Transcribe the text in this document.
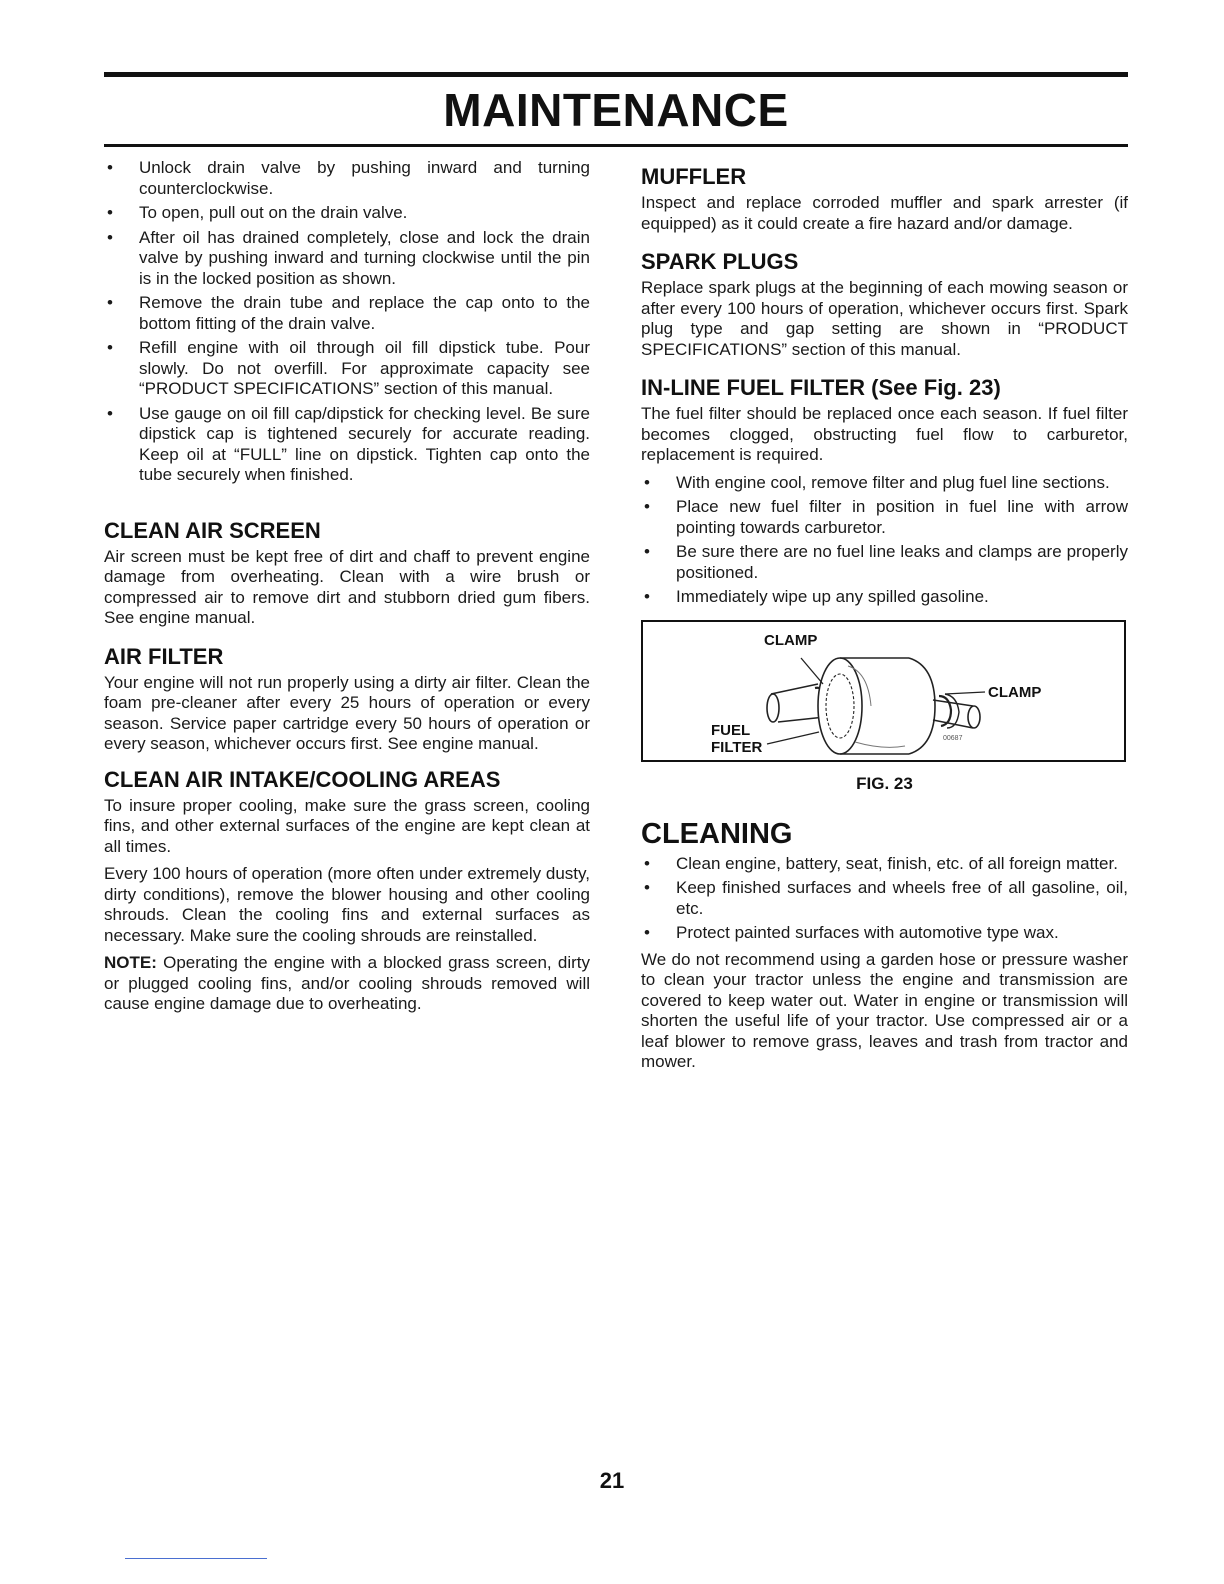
MAINTENANCE
• Unlock drain valve by pushing inward and turning counterclockwise.
• To open, pull out on the drain valve.
• After oil has drained completely, close and lock the drain valve by pushing inward and turning clockwise until the pin is in the locked position as shown.
• Remove the drain tube and replace the cap onto to the bottom fitting of the drain valve.
• Refill engine with oil through oil fill dipstick tube. Pour slowly. Do not overfill. For approximate capacity see “PRODUCT SPECIFICATIONS” section of this manual.
• Use gauge on oil fill cap/dipstick for checking level. Be sure dipstick cap is tightened securely for accurate reading. Keep oil at “FULL” line on dipstick. Tighten cap onto the tube securely when finished.
CLEAN AIR SCREEN

Air screen must be kept free of dirt and chaff to prevent engine damage from overheating. Clean with a wire brush or compressed air to remove dirt and stubborn dried gum fibers. See engine manual.

AIR FILTER

Your engine will not run properly using a dirty air filter. Clean the foam pre-cleaner after every 25 hours of operation or every season. Service paper cartridge every 50 hours of operation or every season, whichever occurs first. See engine manual.

CLEAN AIR INTAKE/COOLING AREAS

To insure proper cooling, make sure the grass screen, cooling fins, and other external surfaces of the engine are kept clean at all times.

Every 100 hours of operation (more often under extremely dusty, dirty conditions), remove the blower housing and other cooling shrouds. Clean the cooling fins and external surfaces as necessary. Make sure the cooling shrouds are reinstalled.

NOTE: Operating the engine with a blocked grass screen, dirty or plugged cooling fins, and/or cooling shrouds removed will cause engine damage due to overheating.

MUFFLER

Inspect and replace corroded muffler and spark arrester (if equipped) as it could create a fire hazard and/or damage.

SPARK PLUGS

Replace spark plugs at the beginning of each mowing season or after every 100 hours of operation, whichever occurs first. Spark plug type and gap setting are shown in “PRODUCT SPECIFICATIONS” section of this manual.

IN-LINE FUEL FILTER (See Fig. 23)

The fuel filter should be replaced once each season. If fuel filter becomes clogged, obstructing fuel flow to carburetor, replacement is required.

• With engine cool, remove filter and plug fuel line sections.
• Place new fuel filter in position in fuel line with arrow pointing towards carburetor.
• Be sure there are no fuel line leaks and clamps are properly positioned.
• Immediately wipe up any spilled gasoline.
00687
CLAMP
CLAMP
FUEL
FILTER

FIG. 23

CLEANING
• Clean engine, battery, seat, finish, etc. of all foreign matter.
• Keep finished surfaces and wheels free of all gasoline, oil, etc.
• Protect painted surfaces with automotive type wax.

We do not recommend using a garden hose or pressure washer to clean your tractor unless the engine and transmission are covered to keep water out. Water in engine or transmission will shorten the useful life of your tractor. Use compressed air or a leaf blower to remove grass, leaves and trash from tractor and mower.

21
